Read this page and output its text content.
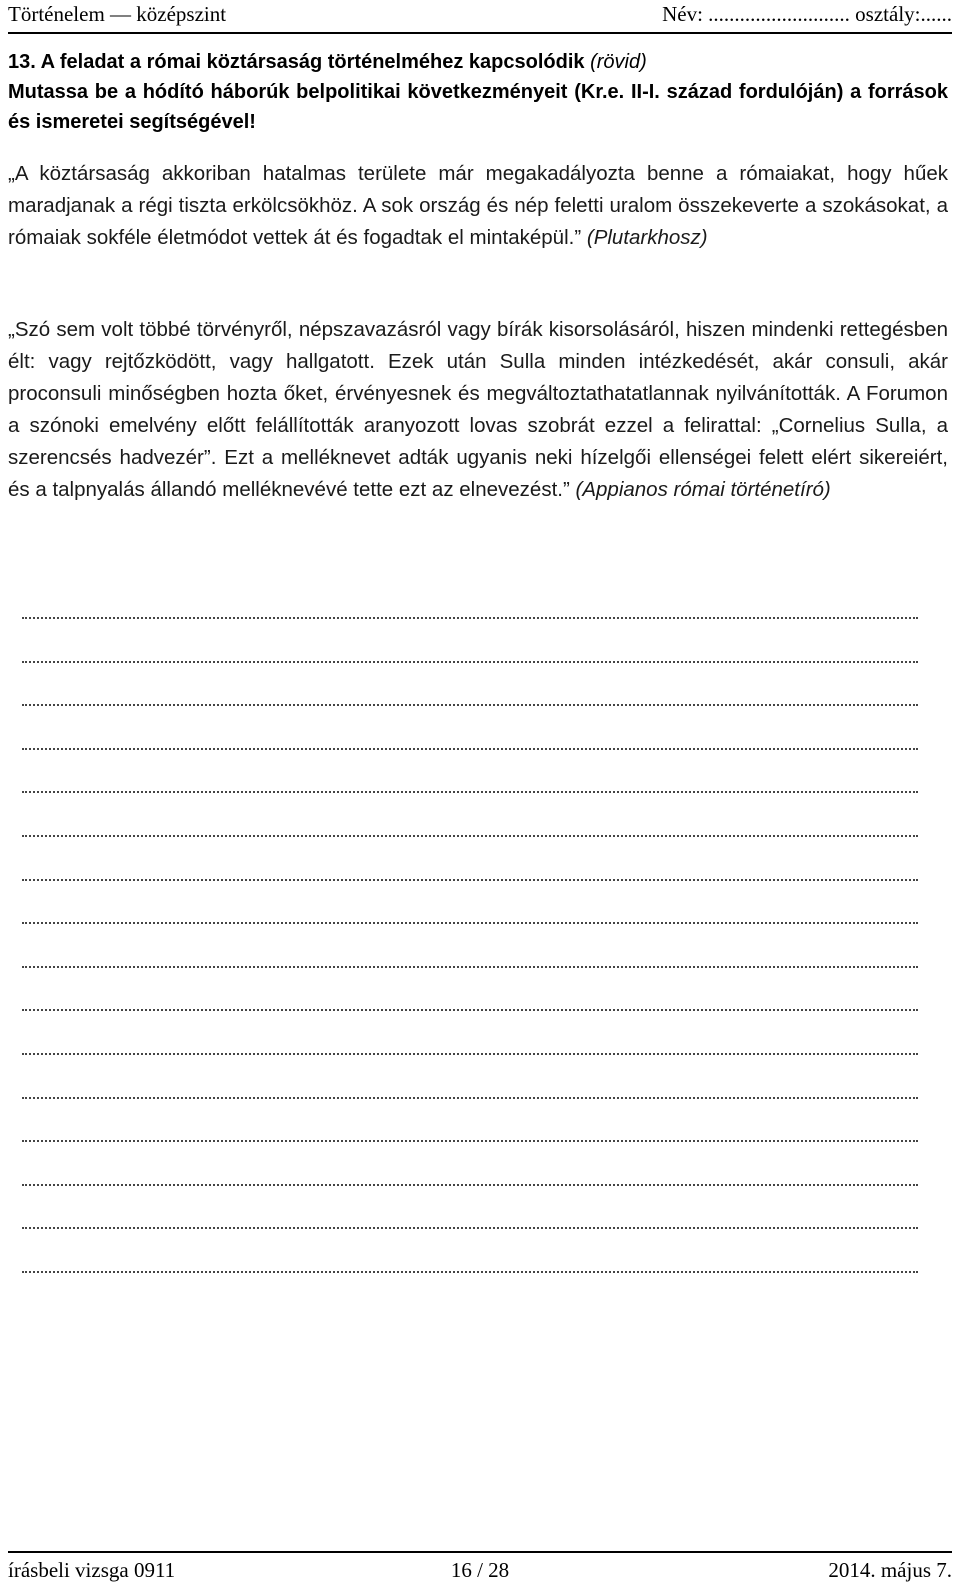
Történelem — középszint	Név: ........................... osztály:......
13. A feladat a római köztársaság történelméhez kapcsolódik (rövid)
Mutassa be a hódító háborúk belpolitikai következményeit (Kr.e. II-I. század fordulóján) a források és ismeretei segítségével!
„A köztársaság akkoriban hatalmas területe már megakadályozta benne a rómaiakat, hogy hűek maradjanak a régi tiszta erkölcsökhöz. A sok ország és nép feletti uralom összekeverte a szokásokat, a rómaiak sokféle életmódot vettek át és fogadtak el mintaképül.” (Plutarkhosz)
„Szó sem volt többé törvényről, népszavazásról vagy bírák kisorsolásáról, hiszen mindenki rettegésben élt: vagy rejtőzködött, vagy hallgatott. Ezek után Sulla minden intézkedését, akár consuli, akár proconsuli minőségben hozta őket, érvényesnek és megváltoztathatatlannak nyilvánították. A Forumon a szónoki emelvény előtt felállították aranyozott lovas szobrát ezzel a felirattal: „Cornelius Sulla, a szerencsés hadvezér”. Ezt a melléknevet adták ugyanis neki hízelgői ellenségei felett elért sikereiért, és a talpnyalás állandó melléknevévé tette ezt az elnevezést.” (Appianos római történetíró)
írásbeli vizsga 0911	16 / 28	2014. május 7.
